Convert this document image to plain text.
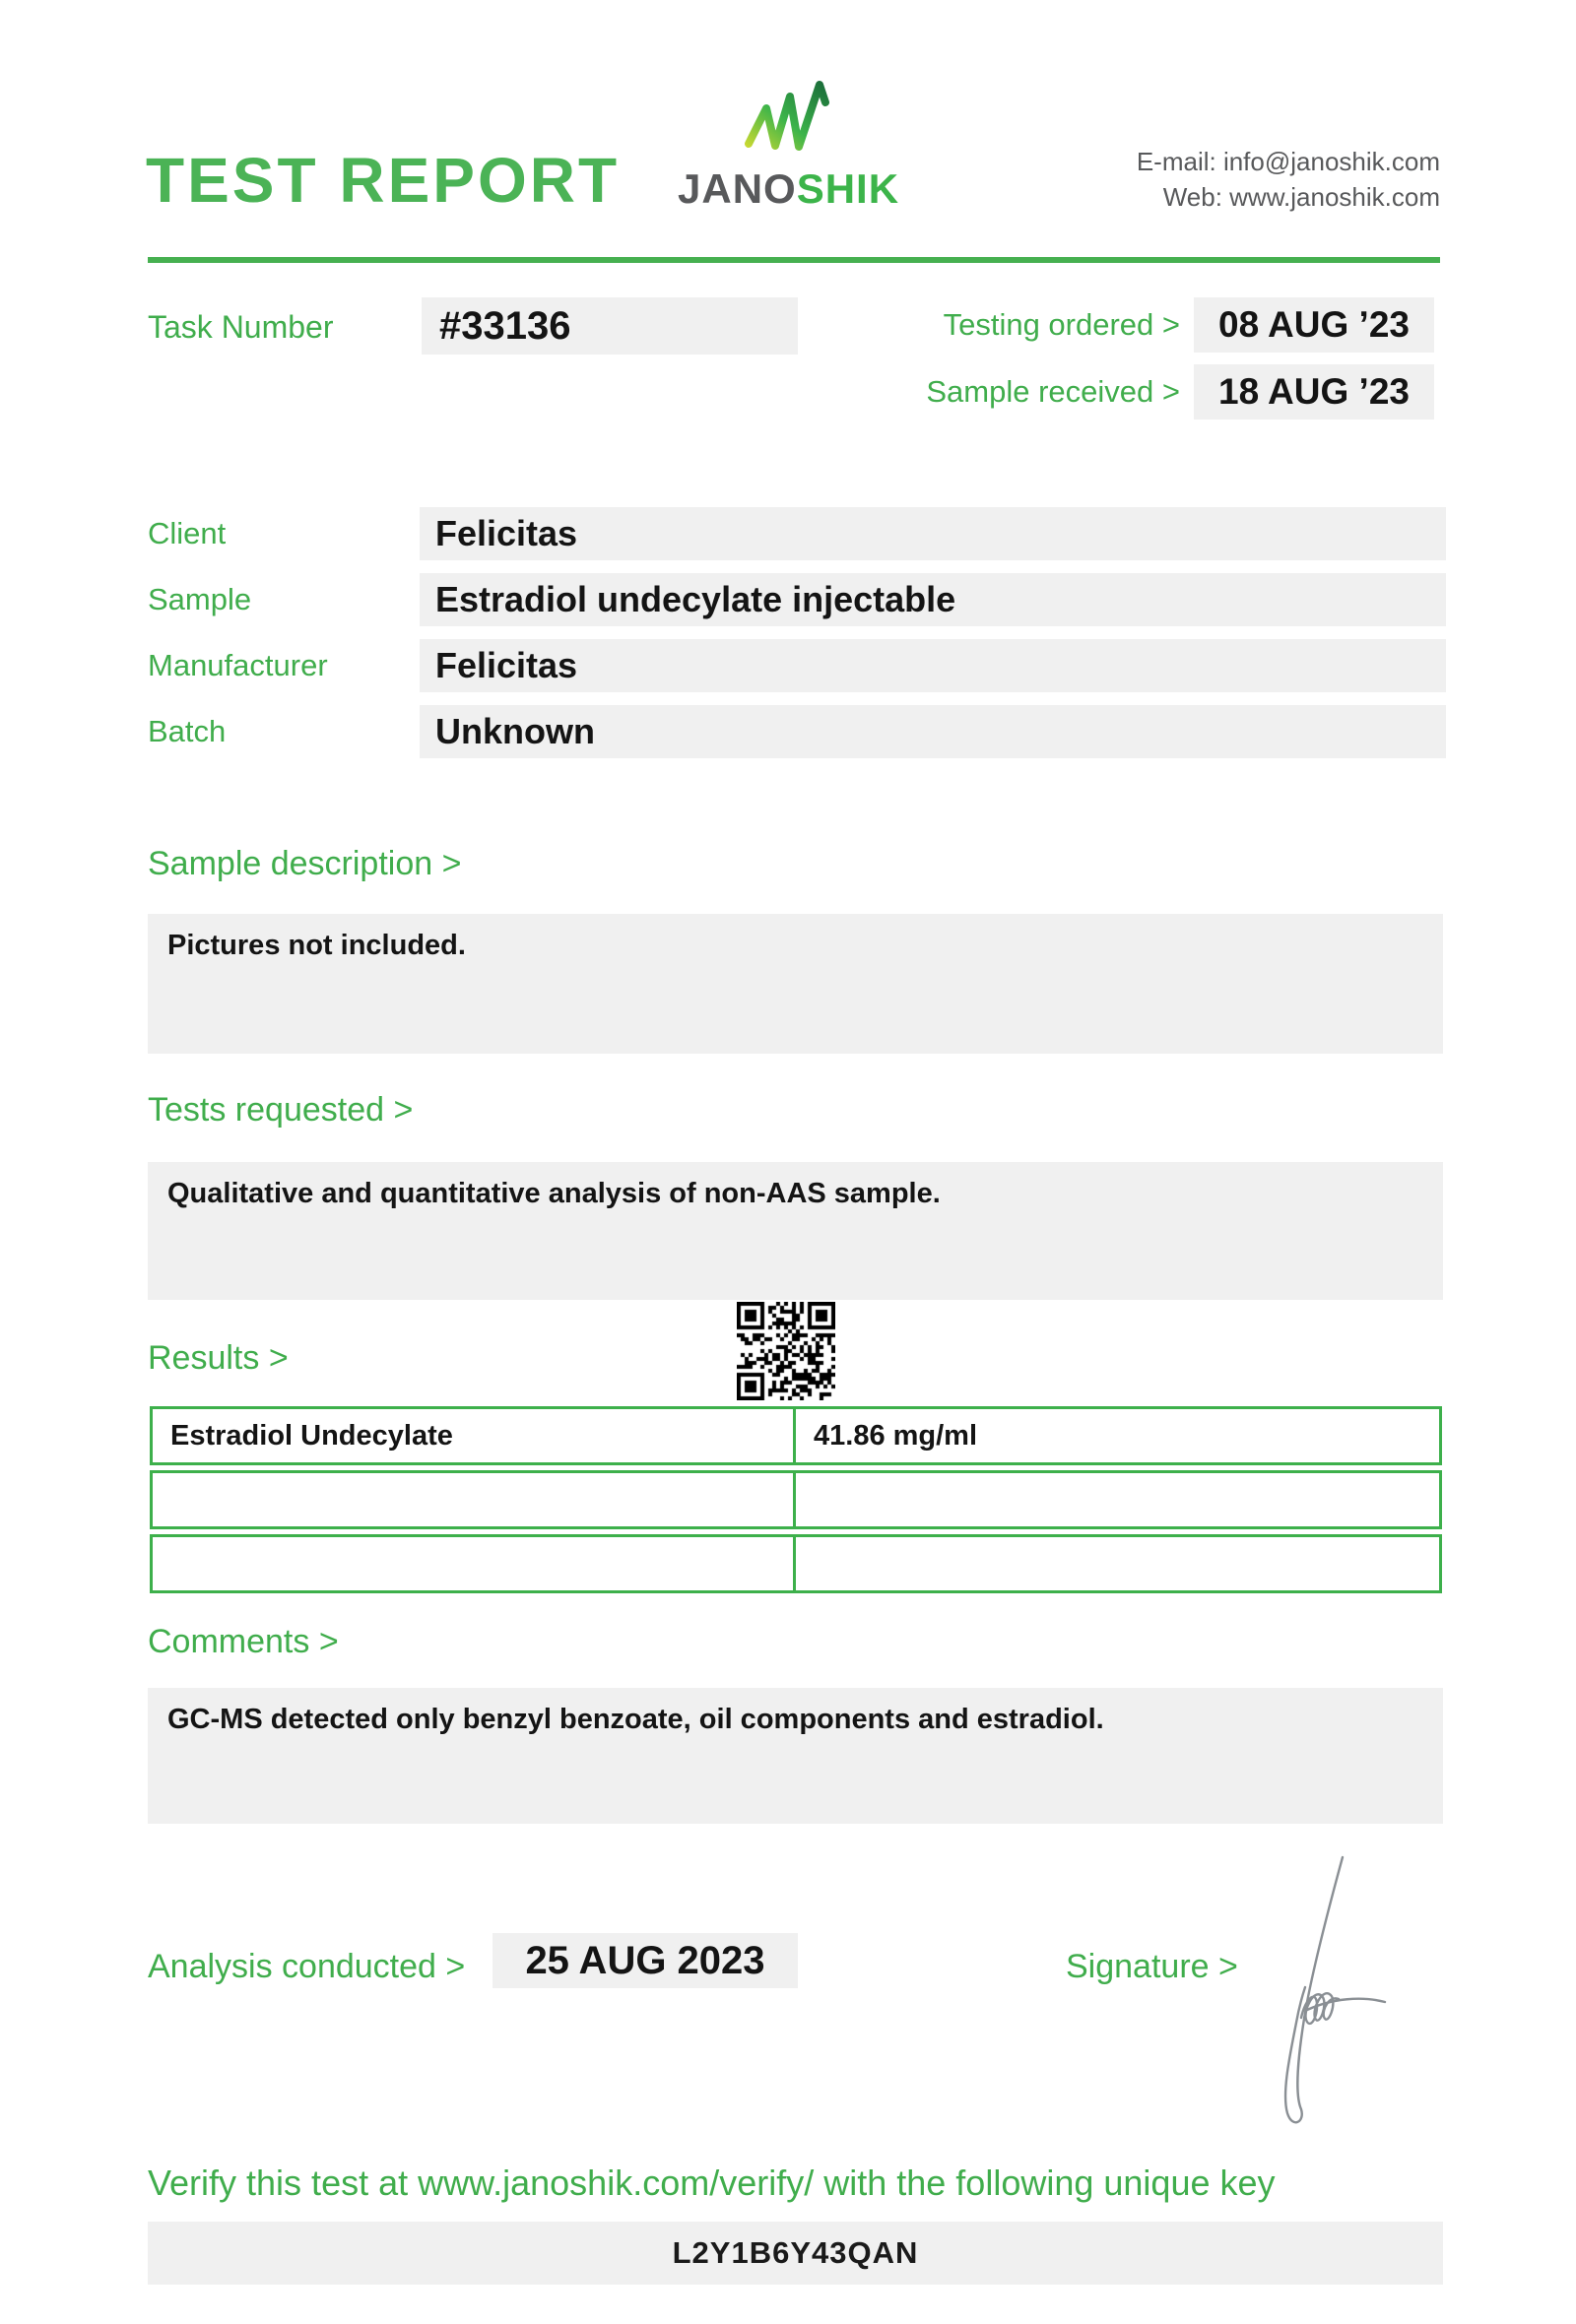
TEST REPORT JANOSHIK
E-mail: info@janoshik.com
Web: www.janoshik.com
Task Number	#33136	Testing ordered >	08 AUG ’23
Sample received >	18 AUG ’23
Client	Felicitas
Sample	Estradiol undecylate injectable
Manufacturer	Felicitas
Batch	Unknown
Sample description >
Pictures not included.
Tests requested >
Qualitative and quantitative analysis of non-AAS sample.
Results >
Estradiol Undecylate	41.86 mg/ml
Comments >
GC-MS detected only benzyl benzoate, oil components and estradiol.
Analysis conducted >	25 AUG 2023	Signature >
Verify this test at www.janoshik.com/verify/ with the following unique key
L2Y1B6Y43QAN
